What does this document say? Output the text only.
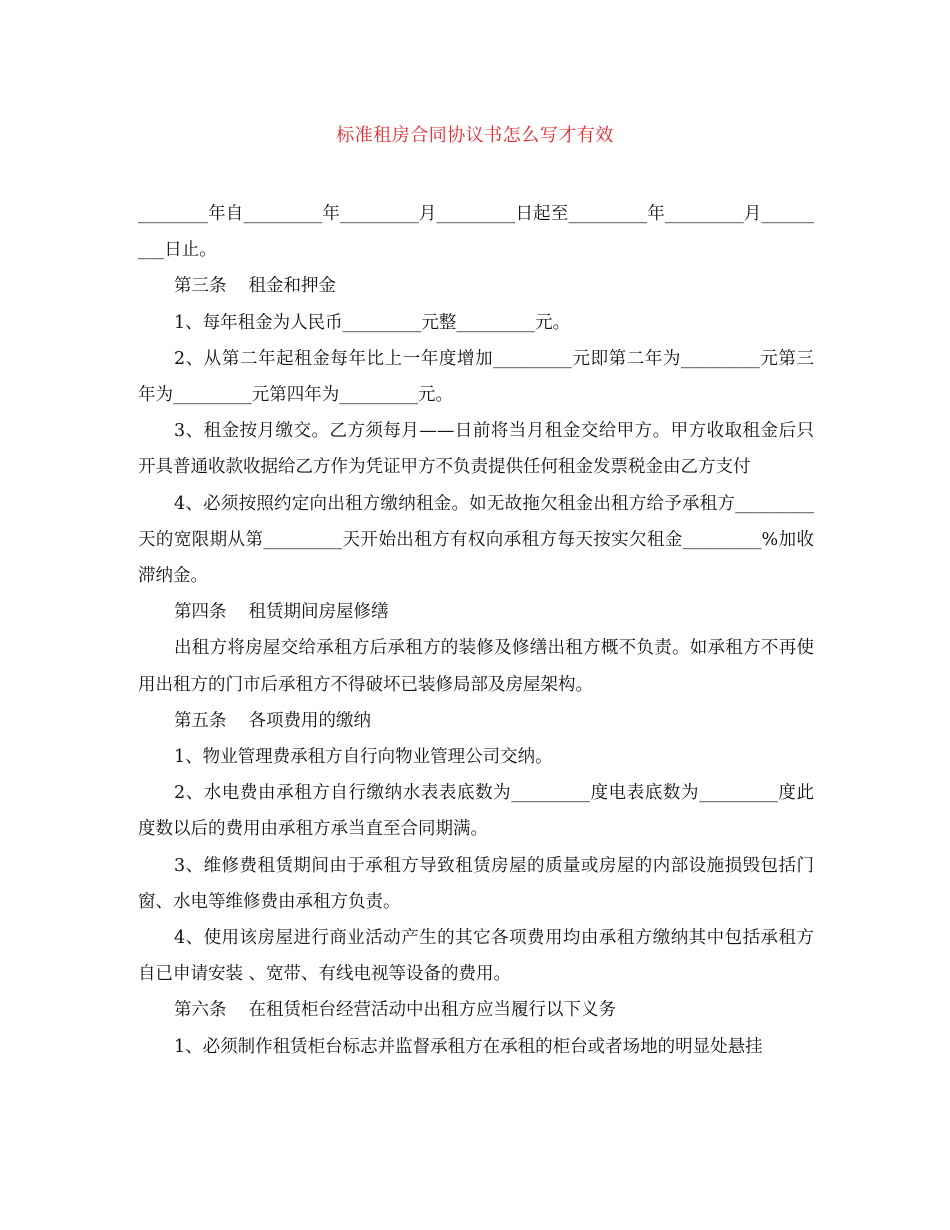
标准租房合同协议书怎么写才有效

________年自_________年_________月_________日起至_________年_________月_________日止。

第三条 租金和押金

1、每年租金为人民币_________元整_________元。

2、从第二年起租金每年比上一年度增加_________元即第二年为_________元第三年为_________元第四年为_________元。

3、租金按月缴交。乙方须每月——日前将当月租金交给甲方。甲方收取租金后只开具普通收款收据给乙方作为凭证甲方不负责提供任何租金发票税金由乙方支付

4、必须按照约定向出租方缴纳租金。如无故拖欠租金出租方给予承租方_________天的宽限期从第_________天开始出租方有权向承租方每天按实欠租金_________%加收滞纳金。

第四条 租赁期间房屋修缮

出租方将房屋交给承租方后承租方的装修及修缮出租方概不负责。如承租方不再使用出租方的门市后承租方不得破坏已装修局部及房屋架构。

第五条 各项费用的缴纳

1、物业管理费承租方自行向物业管理公司交纳。

2、水电费由承租方自行缴纳水表表底数为_________度电表底数为_________度此度数以后的费用由承租方承当直至合同期满。

3、维修费租赁期间由于承租方导致租赁房屋的质量或房屋的内部设施损毁包括门窗、水电等维修费由承租方负责。

4、使用该房屋进行商业活动产生的其它各项费用均由承租方缴纳其中包括承租方自已申请安装 、宽带、有线电视等设备的费用。

第六条 在租赁柜台经营活动中出租方应当履行以下义务

1、必须制作租赁柜台标志并监督承租方在承租的柜台或者场地的明显处悬挂
